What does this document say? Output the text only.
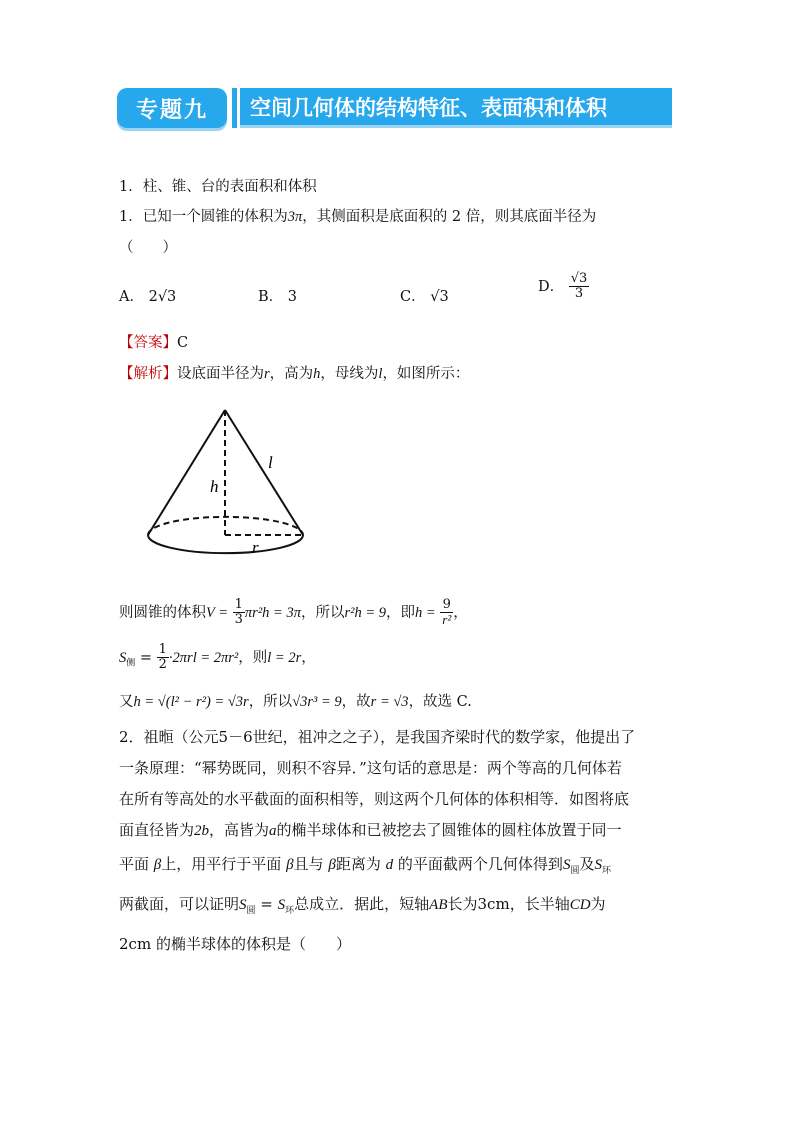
专题九 空间几何体的结构特征、表面积和体积
1．柱、锥、台的表面积和体积
1．已知一个圆锥的体积为3π，其侧面积是底面积的 2 倍，则其底面半径为
（　　）
A． 2√3	B． 3	C． √3
D． $\frac{√3}{3}$
【答案】C
【解析】设底面半径为r，高为h，母线为l，如图所示：
l
h
r
则圆锥的体积$V = \frac{1}{3} \pi r^2h = 3\pi$，所以r²h = 9，即$h = \frac{9}{\text{r²}}$ ，
$S_侧 = \frac{1}{2} \cdot 2\pi rl = 2\pi r^2$，则l = 2r，
又h = √(l² − r²) = √3r，所以√3r³ = 9，故r = √3，故选 C.
2．祖暅（公元5－6世纪，祖冲之之子），是我国齐梁时代的数学家，他提出了
一条原理：“幂势既同，则积不容异．”这句话的意思是：两个等高的几何体若
在所有等高处的水平截面的面积相等，则这两个几何体的体积相等．如图将底
面直径皆为2b，高皆为a的椭半球体和已被挖去了圆锥体的圆柱体放置于同一
平面 β上，用平行于平面 β且与 β距离为 d 的平面截两个几何体得到$S_圆$及$S_环$
两截面，可以证明$S_圆 = S_环$总成立．据此，短轴AB长为3cm，长半轴CD为
2cm 的椭半球体的体积是（　　）
